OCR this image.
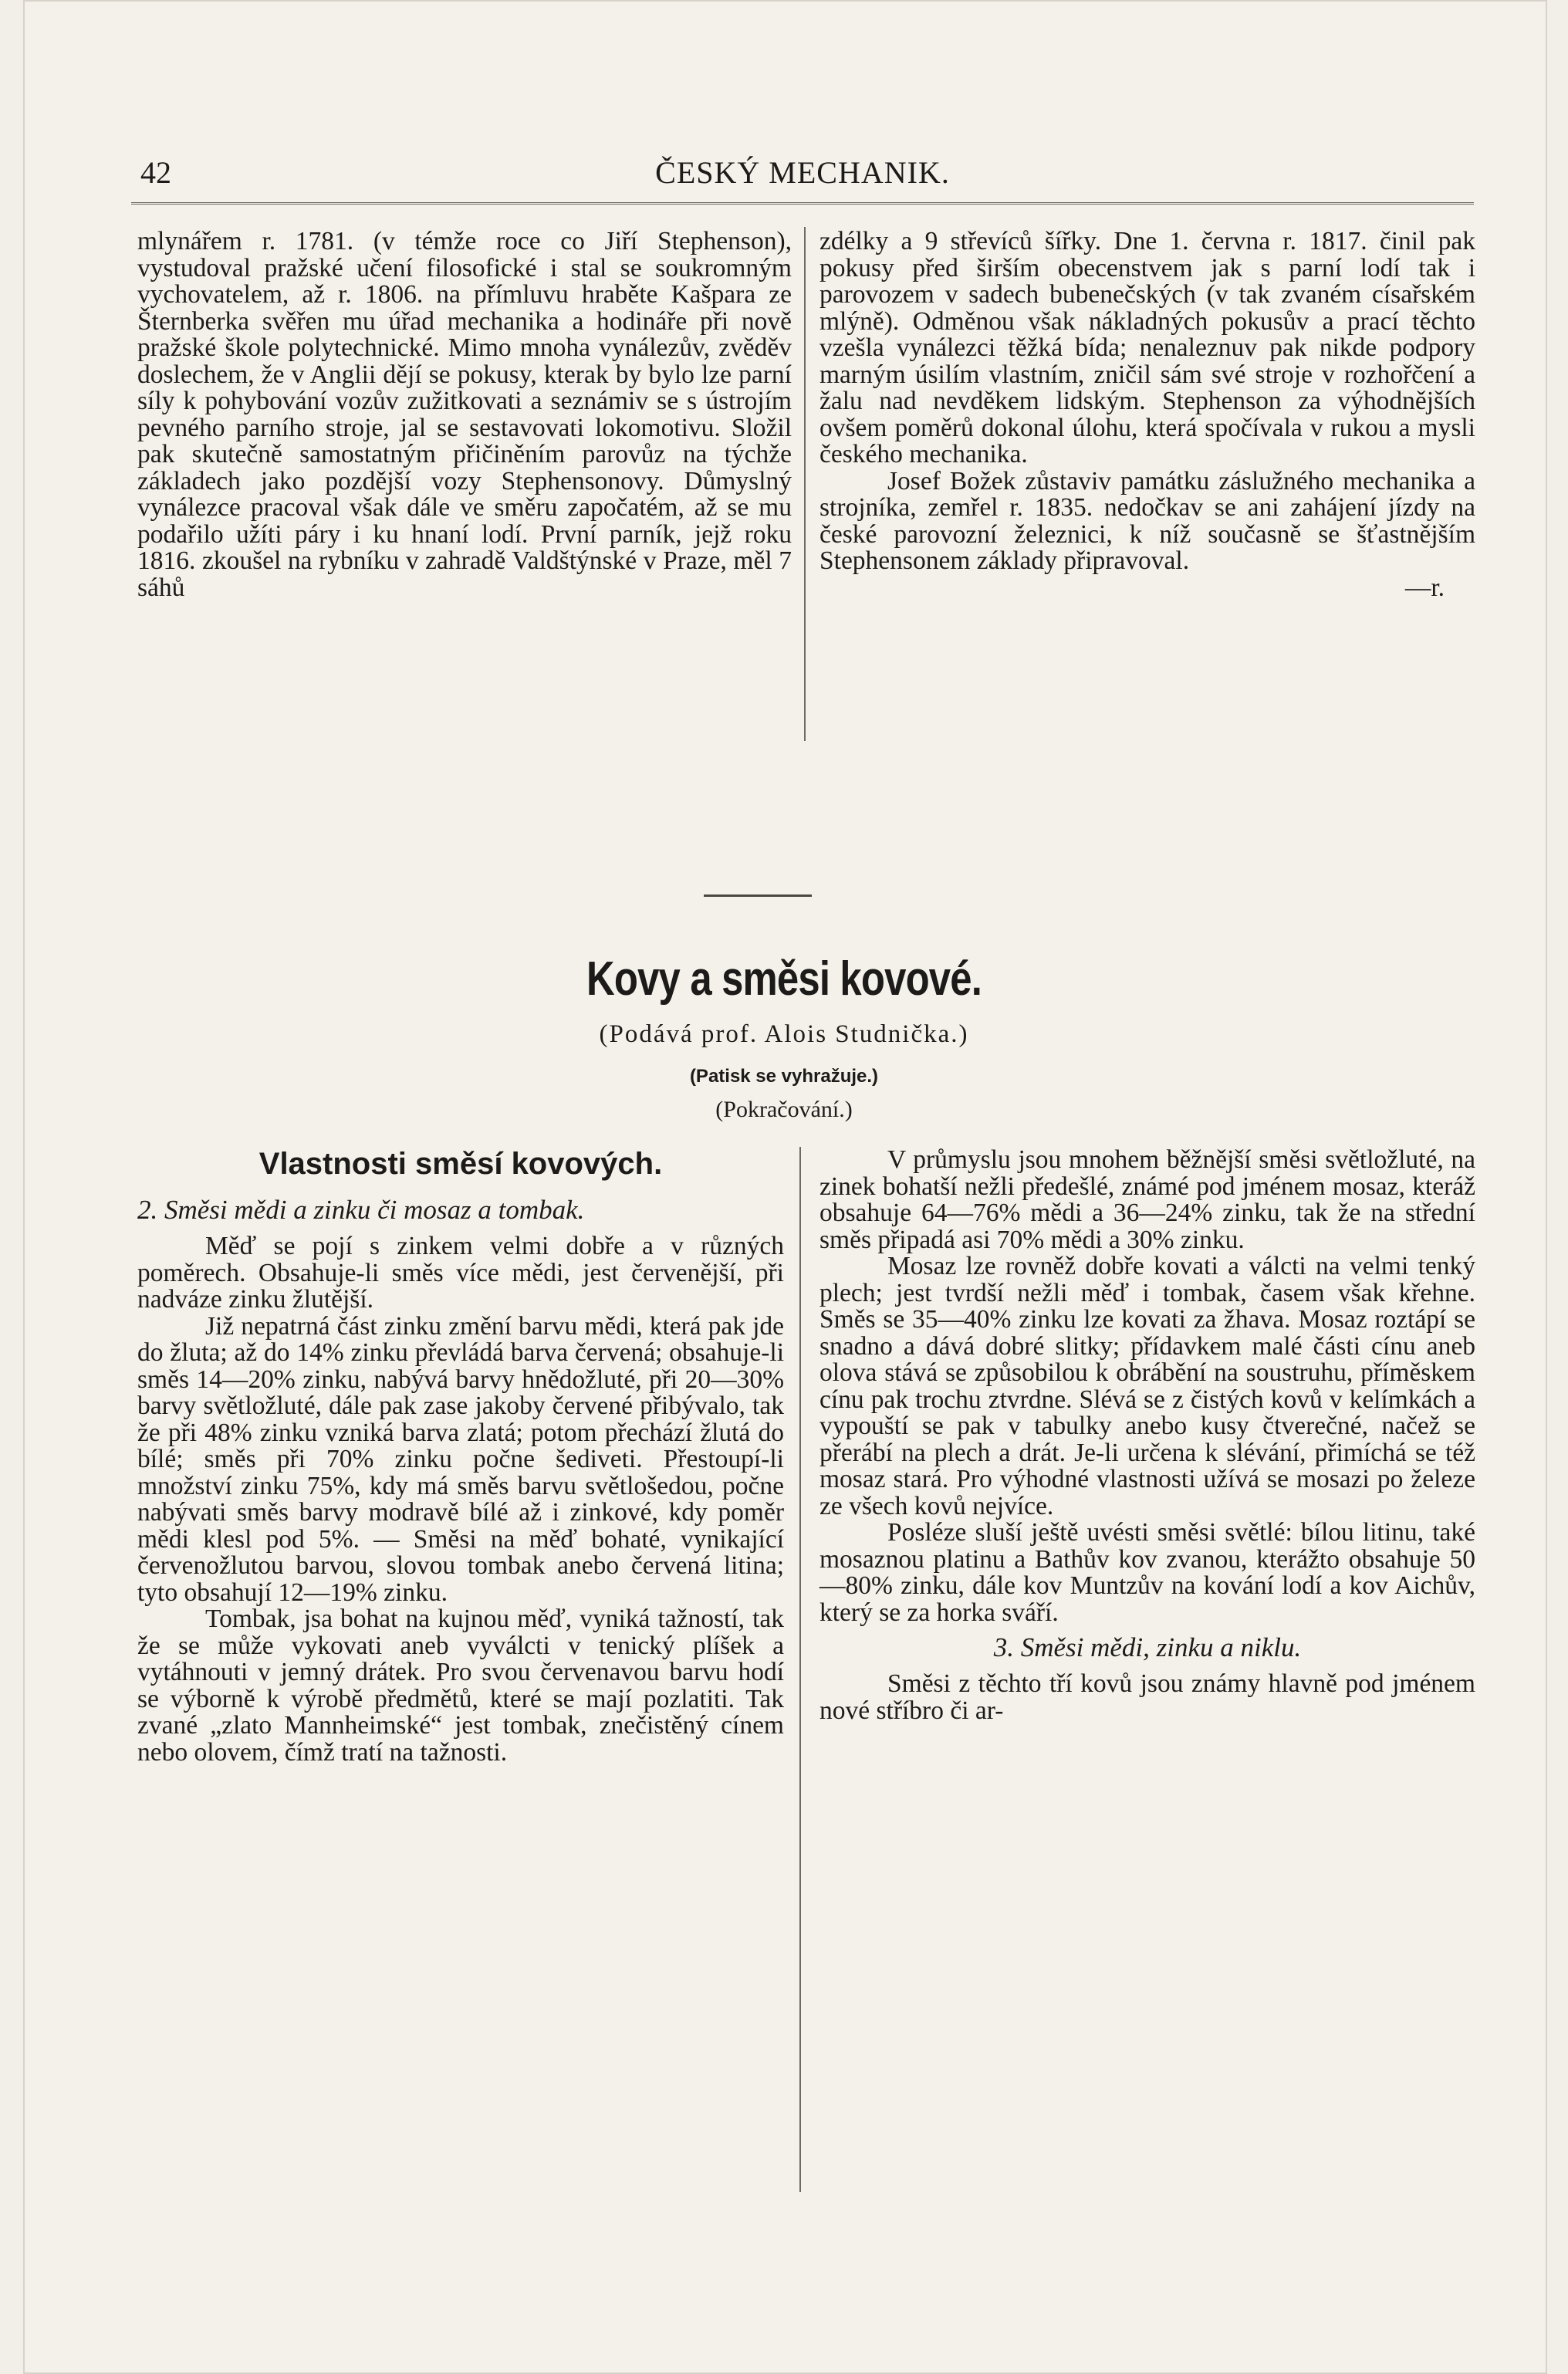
42	ČESKÝ MECHANIK.

mlynářem r. 1781. (v témže roce co Jiří Stephenson), vystudoval pražské učení filosofické i stal se soukromným vychovatelem, až r. 1806. na přímluvu hraběte Kašpara ze Šternberka svěřen mu úřad mechanika a hodináře při nově pražské škole polytechnické. Mimo mnoha vynálezův, zvěděv doslechem, že v Anglii dějí se pokusy, kterak by bylo lze parní síly k pohybování vozův zužitkovati a seznámiv se s ústrojím pevného parního stroje, jal se sestavovati lokomotivu. Složil pak skutečně samostatným přičiněním parovůz na týchže základech jako pozdější vozy Stephensonovy. Důmyslný vynálezce pracoval však dále ve směru započatém, až se mu podařilo užíti páry i ku hnaní lodí. První parník, jejž roku 1816. zkoušel na rybníku v zahradě Valdštýnské v Praze, měl 7 sáhů

zdélky a 9 střevíců šířky. Dne 1. června r. 1817. činil pak pokusy před širším obecenstvem jak s parní lodí tak i parovozem v sadech bubenečských (v tak zvaném císařském mlýně). Odměnou však nákladných pokusův a prací těchto vzešla vynálezci těžká bída; nenaleznuv pak nikde podpory marným úsilím vlastním, zničil sám své stroje v rozhořčení a žalu nad nevděkem lidským. Stephenson za výhodnějších ovšem poměrů dokonal úlohu, která spočívala v rukou a mysli českého mechanika.

Josef Božek zůstaviv památku záslužného mechanika a strojníka, zemřel r. 1835. nedočkav se ani zahájení jízdy na české parovozní železnici, k níž současně se šťastnějším Stephensonem základy připravoval.

—r.

Kovy a směsi kovové.
(Podává prof. Alois Studnička.)
(Patisk se vyhražuje.)
(Pokračování.)
Vlastnosti směsí kovových.
2. Směsi mědi a zinku či mosaz a tombak.

Měď se pojí s zinkem velmi dobře a v různých poměrech. Obsahuje-li směs více mědi, jest červenější, při nadváze zinku žlutější.

Již nepatrná část zinku změní barvu mědi, která pak jde do žluta; až do 14% zinku převládá barva červená; obsahuje-li směs 14—20% zinku, nabývá barvy hnědožluté, při 20—30% barvy světložluté, dále pak zase jakoby červené přibývalo, tak že při 48% zinku vzniká barva zlatá; potom přechází žlutá do bílé; směs při 70% zinku počne šediveti. Přestoupí-li množství zinku 75%, kdy má směs barvu světlošedou, počne nabývati směs barvy modravě bílé až i zinkové, kdy poměr mědi klesl pod 5%. — Směsi na měď bohaté, vynikající červenožlutou barvou, slovou tombak anebo červená litina; tyto obsahují 12—19% zinku.

Tombak, jsa bohat na kujnou měď, vyniká tažností, tak že se může vykovati aneb vyválcti v tenický plíšek a vytáhnouti v jemný drátek. Pro svou červenavou barvu hodí se výborně k výrobě předmětů, které se mají pozlatiti. Tak zvané „zlato Mannheimské“ jest tombak, znečistěný cínem nebo olovem, čímž tratí na tažnosti.

V průmyslu jsou mnohem běžnější směsi světložluté, na zinek bohatší nežli předešlé, známé pod jménem mosaz, kteráž obsahuje 64—76% mědi a 36—24% zinku, tak že na střední směs připadá asi 70% mědi a 30% zinku.

Mosaz lze rovněž dobře kovati a válcti na velmi tenký plech; jest tvrdší nežli měď i tombak, časem však křehne. Směs se 35—40% zinku lze kovati za žhava. Mosaz roztápí se snadno a dává dobré slitky; přídavkem malé části cínu aneb olova stává se způsobilou k obrábění na soustruhu, příměskem cínu pak trochu ztvrdne. Slévá se z čistých kovů v kelímkách a vypouští se pak v tabulky anebo kusy čtverečné, načež se přerábí na plech a drát. Je-li určena k slévání, přimíchá se též mosaz stará. Pro výhodné vlastnosti užívá se mosazi po železe ze všech kovů nejvíce.

Posléze sluší ještě uvésti směsi světlé: bílou litinu, také mosaznou platinu a Bathův kov zvanou, kterážto obsahuje 50—80% zinku, dále kov Muntzův na kování lodí a kov Aichův, který se za horka sváří.

3. Směsi mědi, zinku a niklu.

Směsi z těchto tří kovů jsou známy hlavně pod jménem nové stříbro či ar-
